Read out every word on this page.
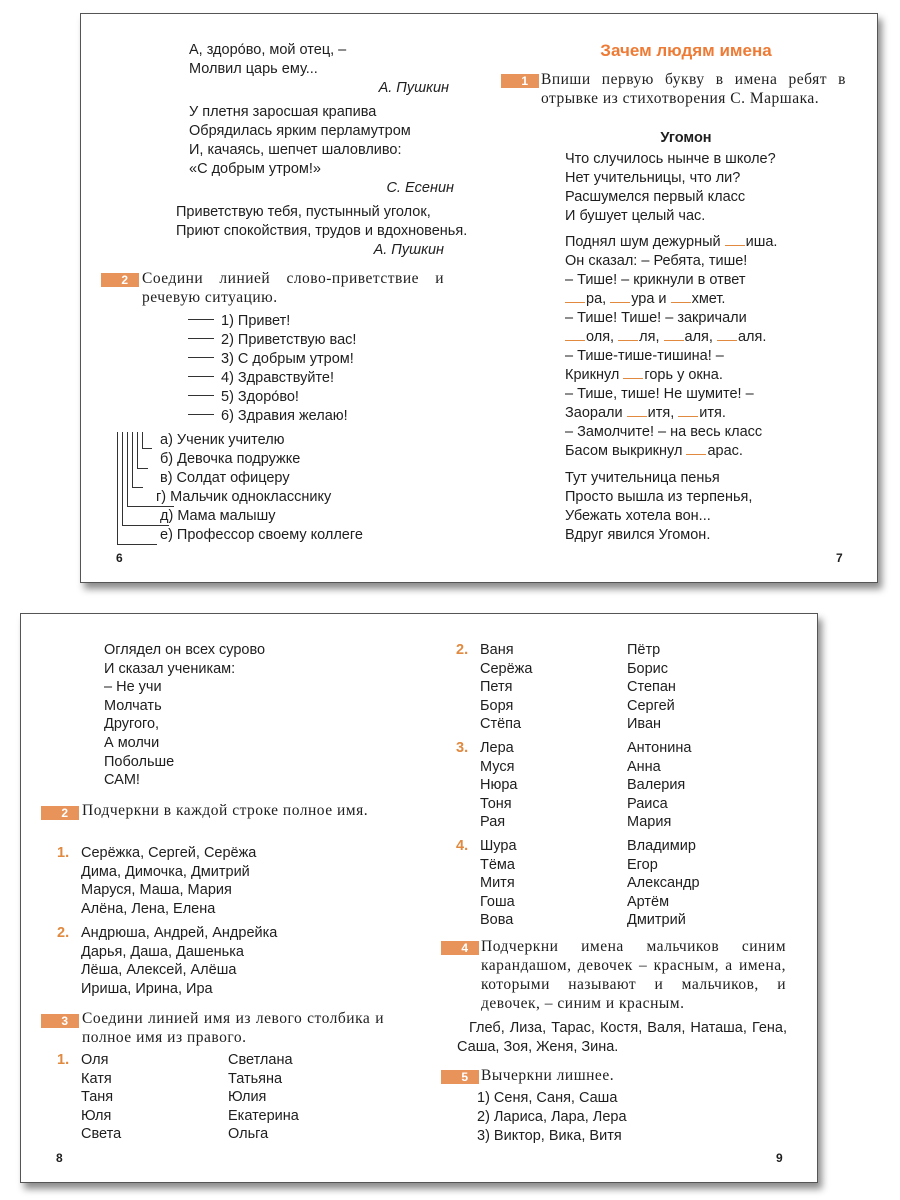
А, здоро́во, мой отец, –
Молвил царь ему...
А. Пушкин
У плетня заросшая крапива
Обрядилась ярким перламутром
И, качаясь, шепчет шаловливо:
«С добрым утром!»
С. Есенин
Приветствую тебя, пустынный уголок,
Приют спокойствия, трудов и вдохновенья.
А. Пушкин
2 Соедини линией слово-приветствие и речевую ситуацию.
1) Привет!
2) Приветствую вас!
3) С добрым утром!
4) Здравствуйте!
5) Здоро́во!
6) Здравия желаю!
а) Ученик учителю
б) Девочка подружке
в) Солдат офицеру
г) Мальчик однокласснику
д) Мама малышу
е) Профессор своему коллеге
6
Зачем людям имена
1 Впиши первую букву в имена ребят в отрывке из стихотворения С. Маршака.
Угомон
Что случилось нынче в школе?
Нет учительницы, что ли?
Расшумелся первый класс
И бушует целый час.
Поднял шум дежурный иша.
Он сказал: – Ребята, тише!
– Тише! – крикнули в ответ
ра, ура и хмет.
– Тише! Тише! – закричали
оля, ля, аля, аля.
– Тише-тише-тишина! –
Крикнул горь у окна.
– Тише, тише! Не шумите! –
Заорали итя, итя.
– Замолчите! – на весь класс
Басом выкрикнул арас.
Тут учительница пенья
Просто вышла из терпенья,
Убежать хотела вон...
Вдруг явился Угомон.
7
Оглядел он всех сурово
И сказал ученикам:
– Не учи
Молчать
Другого,
А молчи
Побольше
САМ!
2 Подчеркни в каждой строке полное имя.
1. Серёжка, Сергей, Серёжа
Дима, Димочка, Дмитрий
Маруся, Маша, Мария
Алёна, Лена, Елена
2. Андрюша, Андрей, Андрейка
Дарья, Даша, Дашенька
Лёша, Алексей, Алёша
Ириша, Ирина, Ира
3 Соедини линией имя из левого столбика и полное имя из правого.
1. Оля	Светлана
Катя	Татьяна
Таня	Юлия
Юля	Екатерина
Света	Ольга
8
2. Ваня	Пётр
Серёжа	Борис
Петя	Степан
Боря	Сергей
Стёпа	Иван
3. Лера	Антонина
Муся	Анна
Нюра	Валерия
Тоня	Раиса
Рая	Мария
4. Шура	Владимир
Тёма	Егор
Митя	Александр
Гоша	Артём
Вова	Дмитрий
4 Подчеркни имена мальчиков синим карандашом, девочек – красным, а имена, которыми называют и мальчиков, и девочек, – синим и красным.
Глеб, Лиза, Тарас, Костя, Валя, Наташа, Гена, Саша, Зоя, Женя, Зина.
5 Вычеркни лишнее.
1) Сеня, Саня, Саша
2) Лариса, Лара, Лера
3) Виктор, Вика, Витя
9
